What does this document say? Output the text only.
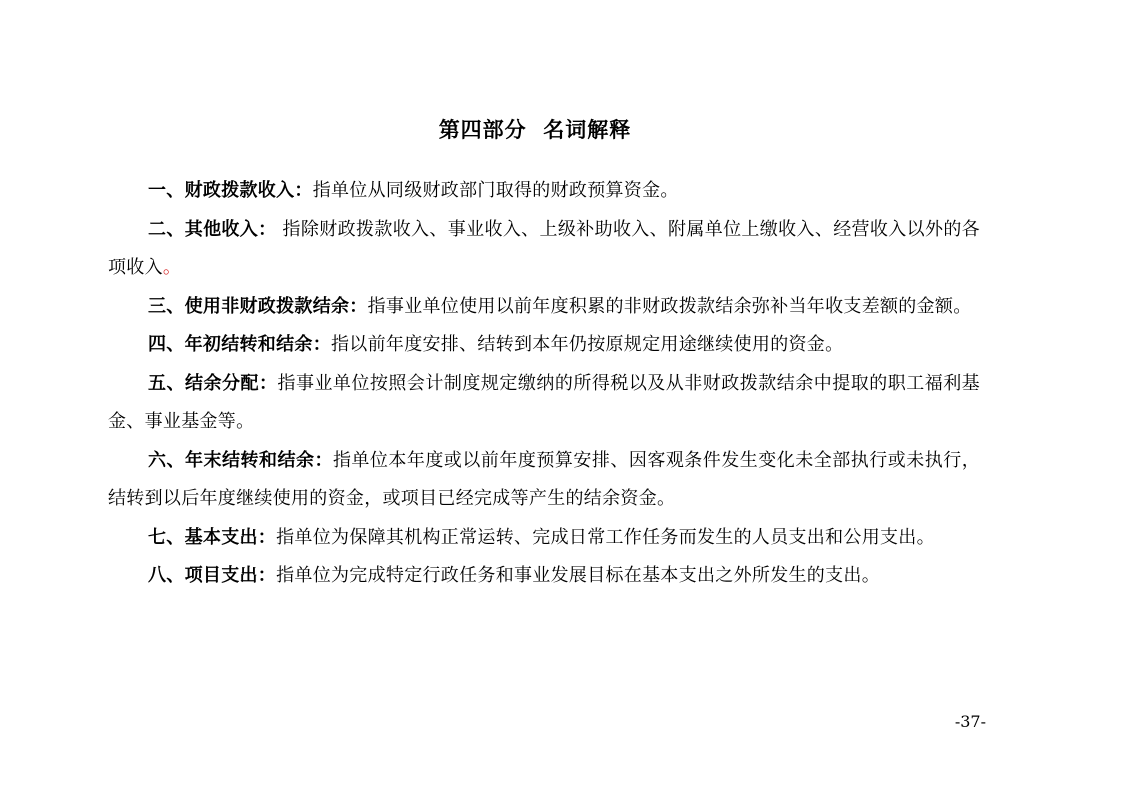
第四部分  名词解释

一、财政拨款收入：指单位从同级财政部门取得的财政预算资金。

二、其他收入： 指除财政拨款收入、事业收入、上级补助收入、附属单位上缴收入、经营收入以外的各项收入。

三、使用非财政拨款结余：指事业单位使用以前年度积累的非财政拨款结余弥补当年收支差额的金额。

四、年初结转和结余：指以前年度安排、结转到本年仍按原规定用途继续使用的资金。

五、结余分配：指事业单位按照会计制度规定缴纳的所得税以及从非财政拨款结余中提取的职工福利基金、事业基金等。

六、年末结转和结余：指单位本年度或以前年度预算安排、因客观条件发生变化未全部执行或未执行，结转到以后年度继续使用的资金，或项目已经完成等产生的结余资金。

七、基本支出：指单位为保障其机构正常运转、完成日常工作任务而发生的人员支出和公用支出。

八、项目支出：指单位为完成特定行政任务和事业发展目标在基本支出之外所发生的支出。

-37-
